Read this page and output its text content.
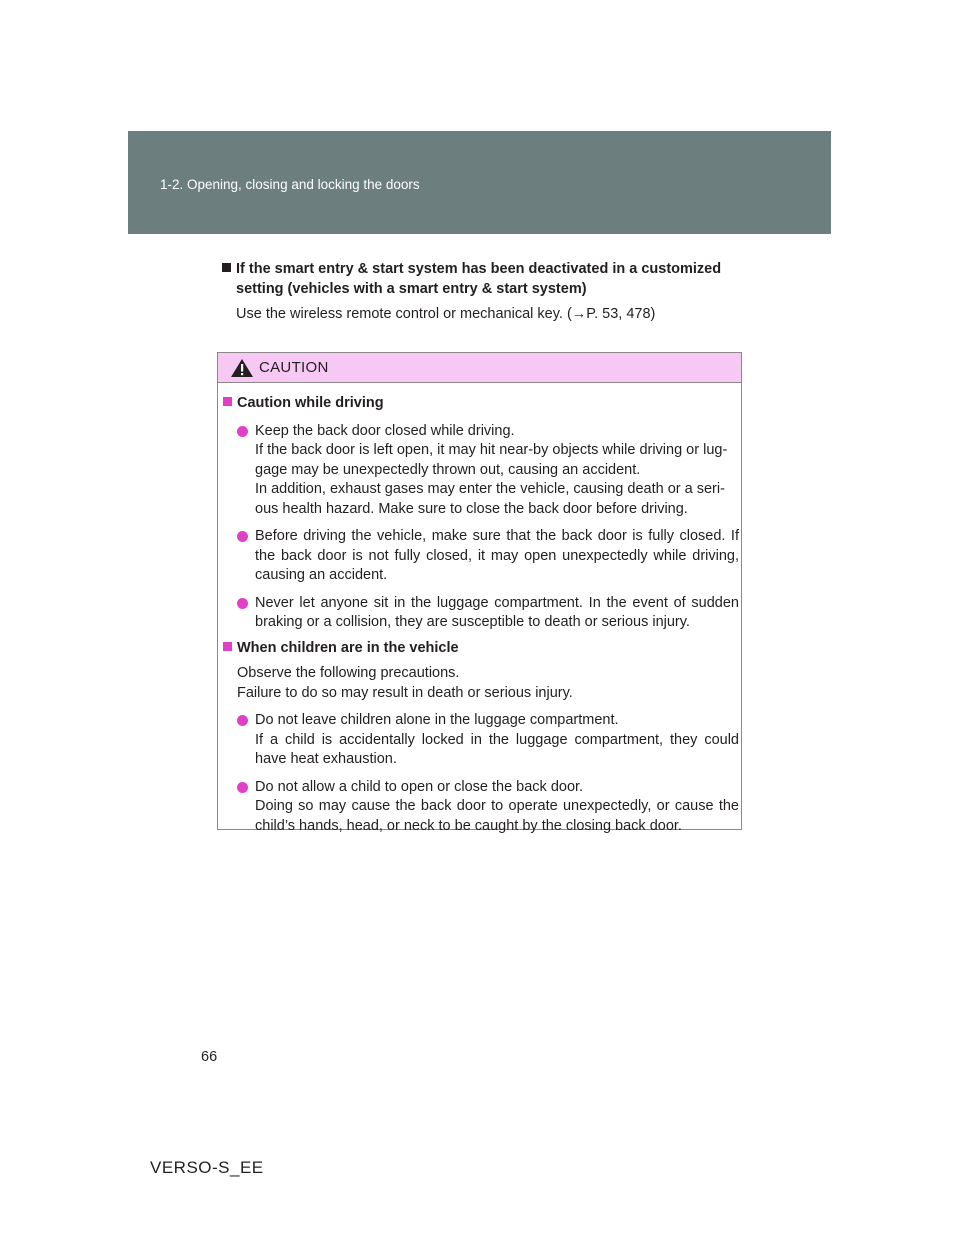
1-2. Opening, closing and locking the doors
If the smart entry & start system has been deactivated in a customized
setting (vehicles with a smart entry & start system)
Use the wireless remote control or mechanical key. (→P. 53, 478)
CAUTION
Caution while driving
Keep the back door closed while driving.
If the back door is left open, it may hit near-by objects while driving or lug-
gage may be unexpectedly thrown out, causing an accident.
In addition, exhaust gases may enter the vehicle, causing death or a seri-
ous health hazard. Make sure to close the back door before driving.
Before driving the vehicle, make sure that the back door is fully closed. If the back door is not fully closed, it may open unexpectedly while driving, causing an accident.
Never let anyone sit in the luggage compartment. In the event of sudden braking or a collision, they are susceptible to death or serious injury.
When children are in the vehicle
Observe the following precautions.
Failure to do so may result in death or serious injury.
Do not leave children alone in the luggage compartment.
If a child is accidentally locked in the luggage compartment, they could have heat exhaustion.
Do not allow a child to open or close the back door.
Doing so may cause the back door to operate unexpectedly, or cause the child’s hands, head, or neck to be caught by the closing back door.
66
VERSO-S_EE
